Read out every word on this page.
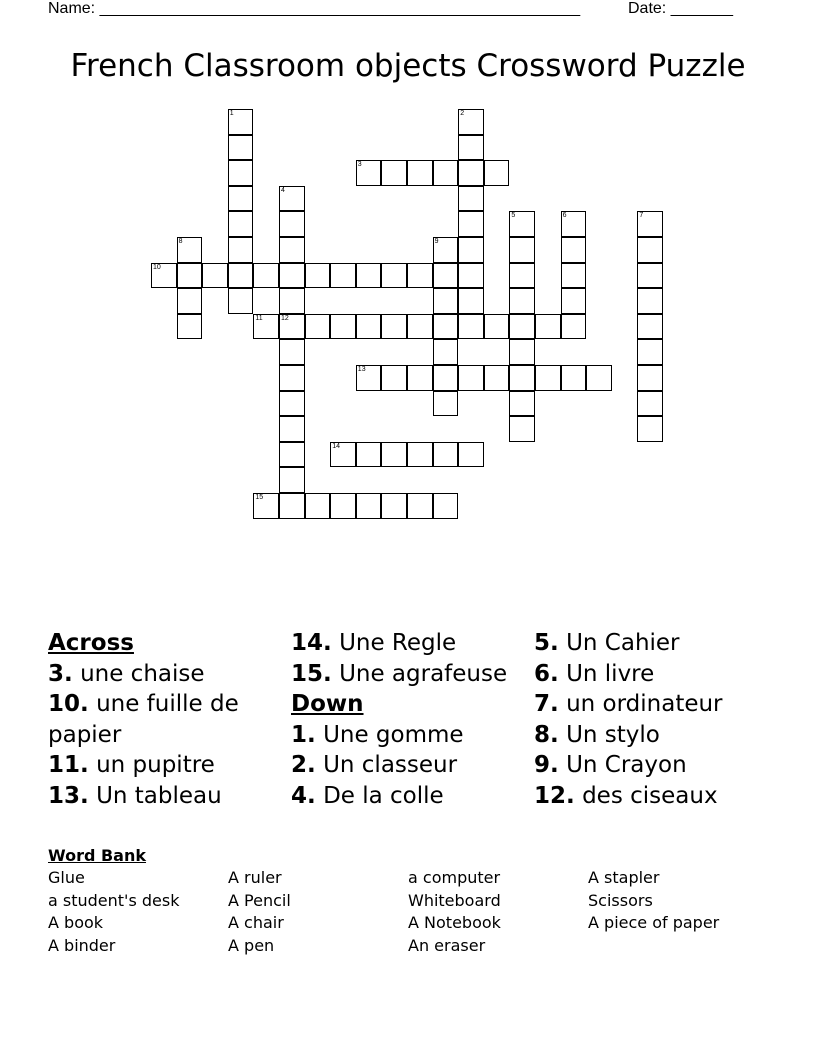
Name: ______________________________________________________	Date: _______
French Classroom objects Crossword Puzzle
1	2
3
4
12
5	6	7
8	9
10
11
13
14
15
Across
3. une chaise
10. une fuille de papier
11. un pupitre
13. Un tableau
14. Une Regle
15. Une agrafeuse
Down
1. Une gomme
2. Un classeur
4. De la colle
5. Un Cahier
6. Un livre
7. un ordinateur
8. Un stylo
9. Un Crayon
12. des ciseaux
Word Bank
Glue
a student's desk
A book
A binder
A ruler
A Pencil
A chair
A pen
a computer
Whiteboard
A Notebook
An eraser
A stapler
Scissors
A piece of paper
